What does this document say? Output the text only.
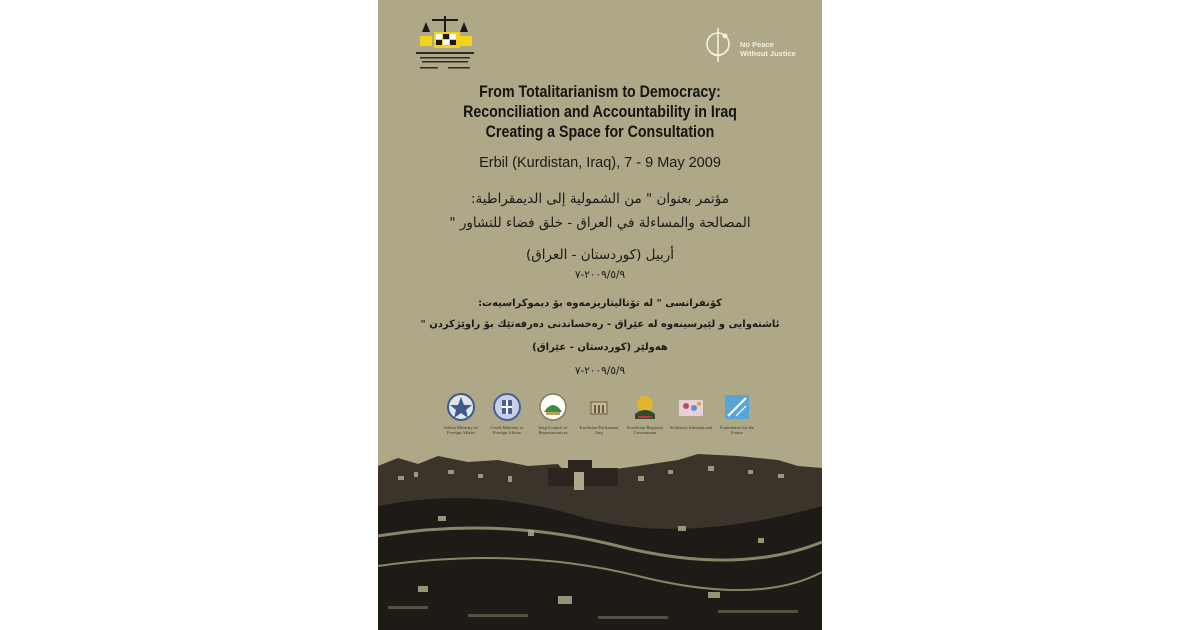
No Peace
Without Justice
From Totalitarianism to Democracy:
Reconciliation and Accountability in Iraq
Creating a Space for Consultation
Erbil (Kurdistan, Iraq), 7 - 9 May 2009
مؤتمر بعنوان " من الشمولية إلى الديمقراطية:
المصالحة والمساءلة في العراق - خلق فضاء للتشاور "
أربيل (كوردستان - العراق)
٢٠٠٩/٥/٩-٧
كۆنفرانسی " له تۆتالیتاریزمەوه بۆ دیموكراسیەت:
ئاشتەوایی و لێپرسینەوه له عێراق - رەخساندنی دەرفەتێك بۆ راوێژكردن "
هەولێر (كوردستان - عێراق)
٢٠٠٩/٥/٩-٧
Italian Ministry of Foreign Affairs
Greek Ministry of Foreign Affairs
Iraqi Council of Representatives
Kurdistan Parliament Iraq
Kurdistan Regional Government
Solidarity International	Foundation for the Future
